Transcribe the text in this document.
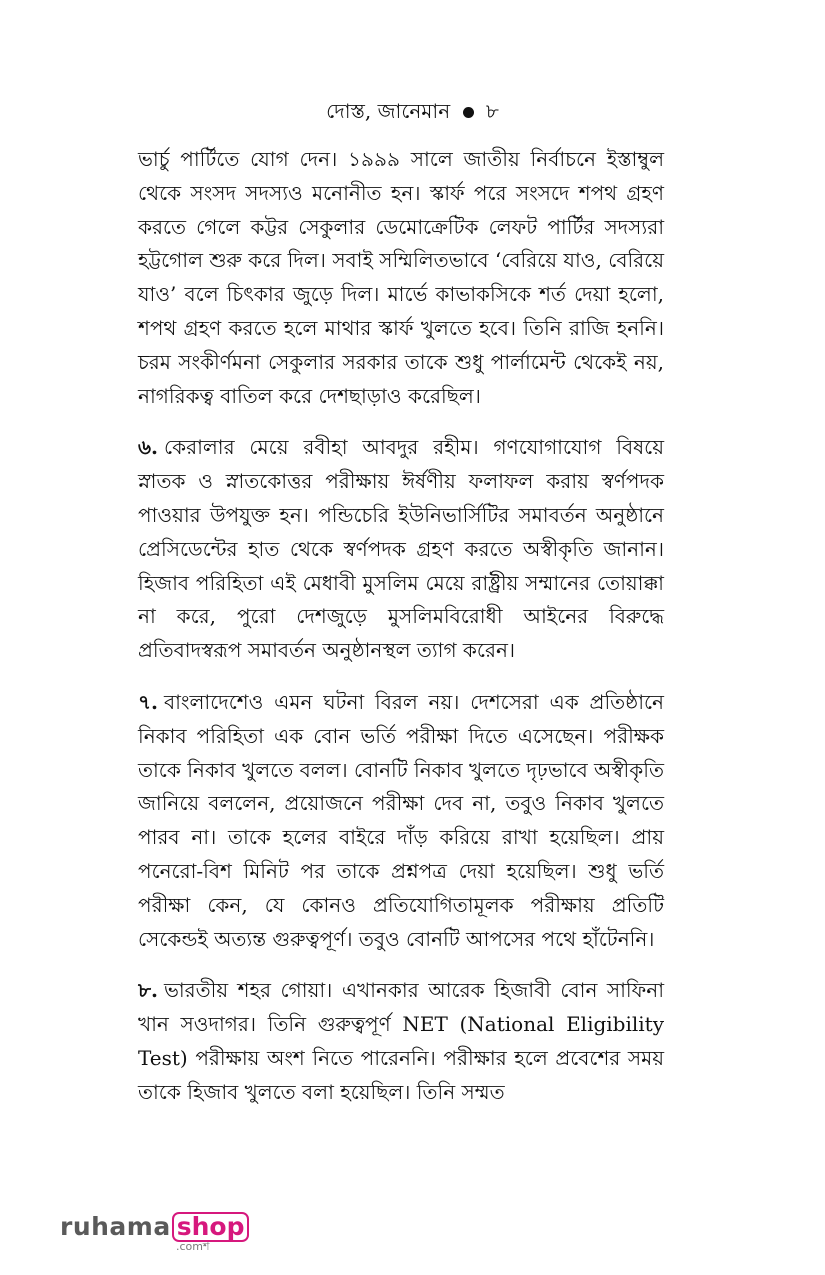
দোস্ত, জানেমান ৮

ভার্চু পার্টিতে যোগ দেন। ১৯৯৯ সালে জাতীয় নির্বাচনে ইস্তাম্বুল থেকে সংসদ সদস্যও মনোনীত হন। স্কার্ফ পরে সংসদে শপথ গ্রহণ করতে গেলে কট্টর সেকুলার ডেমোক্রেটিক লেফট পার্টির সদস্যরা হট্টগোল শুরু করে দিল। সবাই সম্মিলিতভাবে ‘বেরিয়ে যাও, বেরিয়ে যাও’ বলে চিৎকার জুড়ে দিল। মার্ভে কাভাকসিকে শর্ত দেয়া হলো, শপথ গ্রহণ করতে হলে মাথার স্কার্ফ খুলতে হবে। তিনি রাজি হননি। চরম সংকীর্ণমনা সেকুলার সরকার তাকে শুধু পার্লামেন্ট থেকেই নয়, নাগরিকত্ব বাতিল করে দেশছাড়াও করেছিল।

৬. কেরালার মেয়ে রবীহা আবদুর রহীম। গণযোগাযোগ বিষয়ে স্নাতক ও স্নাতকোত্তর পরীক্ষায় ঈর্ষণীয় ফলাফল করায় স্বর্ণপদক পাওয়ার উপযুক্ত হন। পন্ডিচেরি ইউনিভার্সিটির সমাবর্তন অনুষ্ঠানে প্রেসিডেন্টের হাত থেকে স্বর্ণপদক গ্রহণ করতে অস্বীকৃতি জানান। হিজাব পরিহিতা এই মেধাবী মুসলিম মেয়ে রাষ্ট্রীয় সম্মানের তোয়াক্কা না করে, পুরো দেশজুড়ে মুসলিমবিরোধী আইনের বিরুদ্ধে প্রতিবাদস্বরূপ সমাবর্তন অনুষ্ঠানস্থল ত্যাগ করেন।

৭. বাংলাদেশেও এমন ঘটনা বিরল নয়। দেশসেরা এক প্রতিষ্ঠানে নিকাব পরিহিতা এক বোন ভর্তি পরীক্ষা দিতে এসেছেন। পরীক্ষক তাকে নিকাব খুলতে বলল। বোনটি নিকাব খুলতে দৃঢ়ভাবে অস্বীকৃতি জানিয়ে বললেন, প্রয়োজনে পরীক্ষা দেব না, তবুও নিকাব খুলতে পারব না। তাকে হলের বাইরে দাঁড় করিয়ে রাখা হয়েছিল। প্রায় পনেরো-বিশ মিনিট পর তাকে প্রশ্নপত্র দেয়া হয়েছিল। শুধু ভর্তি পরীক্ষা কেন, যে কোনও প্রতিযোগিতামূলক পরীক্ষায় প্রতিটি সেকেন্ডই অত্যন্ত গুরুত্বপূর্ণ। তবুও বোনটি আপসের পথে হাঁটেননি।

৮. ভারতীয় শহর গোয়া। এখানকার আরেক হিজাবী বোন সাফিনা খান সওদাগর। তিনি গুরুত্বপূর্ণ NET (National Eligibility Test) পরীক্ষায় অংশ নিতে পারেননি। পরীক্ষার হলে প্রবেশের সময় তাকে হিজাব খুলতে বলা হয়েছিল। তিনি সম্মত

ruhama shop
.comশ
